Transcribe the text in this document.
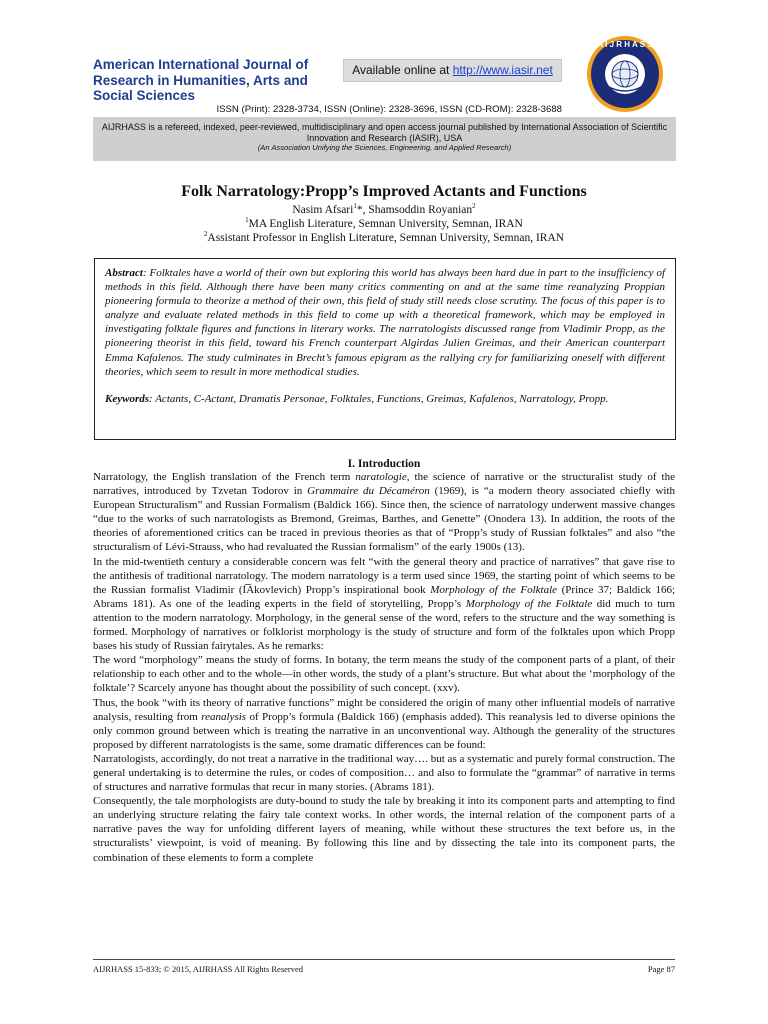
American International Journal of Research in Humanities, Arts and Social Sciences
Available online at http://www.iasir.net
A I J R H A S S
ISSN (Print): 2328-3734, ISSN (Online): 2328-3696, ISSN (CD-ROM): 2328-3688
AIJRHASS is a refereed, indexed, peer-reviewed, multidisciplinary and open access journal published by International Association of Scientific Innovation and Research (IASIR), USA
(An Association Unifying the Sciences, Engineering, and Applied Research)
Folk Narratology:Propp’s Improved Actants and Functions
Nasim Afsari$^1$*, Shamsoddin Royanian$^2$
$^1$MA English Literature, Semnan University, Semnan, IRAN
$^2$Assistant Professor in English Literature, Semnan University, Semnan, IRAN
Abstract: Folktales have a world of their own but exploring this world has always been hard due in part to the insufficiency of methods in this field. Although there have been many critics commenting on and at the same time reanalyzing Proppian pioneering formula to theorize a method of their own, this field of study still needs close scrutiny. The focus of this paper is to analyze and evaluate related methods in this field to come up with a theoretical framework, which may be employed in investigating folktale figures and functions in literary works. The narratologists discussed range from Vladimir Propp, as the pioneering theorist in this field, toward his French counterpart Algirdas Julien Greimas, and their American counterpart Emma Kafalenos. The study culminates in Brecht’s famous epigram as the rallying cry for familiarizing oneself with different theories, which seem to result in more methodical studies.
Keywords: Actants, C-Actant, Dramatis Personae, Folktales, Functions, Greimas, Kafalenos, Narratology, Propp.
I. Introduction

Narratology, the English translation of the French term naratologie, the science of narrative or the structuralist study of the narratives, introduced by Tzvetan Todorov in Grammaire du Décaméron (1969), is “a modern theory associated chiefly with European Structuralism” and Russian Formalism (Baldick 166). Since then, the science of narratology underwent massive changes “due to the works of such narratologists as Bremond, Greimas, Barthes, and Genette” (Onodera 13). In addition, the roots of the theories of aforementioned critics can be traced in previous theories as that of “Propp’s study of Russian folktales” and also “the structuralism of Lévi-Strauss, who had revaluated the Russian formalism” of the early 1900s (13).

In the mid-twentieth century a considerable concern was felt “with the general theory and practice of narratives” that gave rise to the antithesis of traditional narratology. The modern narratology is a term used since 1969, the starting point of which seems to be the Russian formalist Vladimir (I͡Akovlevich) Propp’s inspirational book Morphology of the Folktale (Prince 37; Baldick 166; Abrams 181). As one of the leading experts in the field of storytelling, Propp’s Morphology of the Folktale did much to turn attention to the modern narratology. Morphology, in the general sense of the word, refers to the structure and the way something is formed. Morphology of narratives or folklorist morphology is the study of structure and form of the folktales upon which Propp bases his study of Russian fairytales. As he remarks:

The word “morphology” means the study of forms. In botany, the term means the study of the component parts of a plant, of their relationship to each other and to the whole—in other words, the study of a plant’s structure. But what about the ‘morphology of the folktale’? Scarcely anyone has thought about the possibility of such concept. (xxv).

Thus, the book “with its theory of narrative functions” might be considered the origin of many other influential models of narrative analysis, resulting from reanalysis of Propp’s formula (Baldick 166) (emphasis added). This reanalysis led to diverse opinions the only common ground between which is treating the narrative in an unconventional way. Although the generality of the structures proposed by different narratologists is the same, some dramatic differences can be found:

Narratologists, accordingly, do not treat a narrative in the traditional way…. but as a systematic and purely formal construction. The general undertaking is to determine the rules, or codes of composition… and also to formulate the “grammar” of narrative in terms of structures and narrative formulas that recur in many stories. (Abrams 181).

Consequently, the tale morphologists are duty-bound to study the tale by breaking it into its component parts and attempting to find an underlying structure relating the fairy tale context works. In other words, the internal relation of the component parts of a narrative paves the way for unfolding different layers of meaning, while without these structures the text before us, in the structuralists’ viewpoint, is void of meaning. By following this line and by dissecting the tale into its component parts, the combination of these elements to form a complete

AIJRHASS 15-833; © 2015, AIJRHASS All Rights Reserved	Page 87
